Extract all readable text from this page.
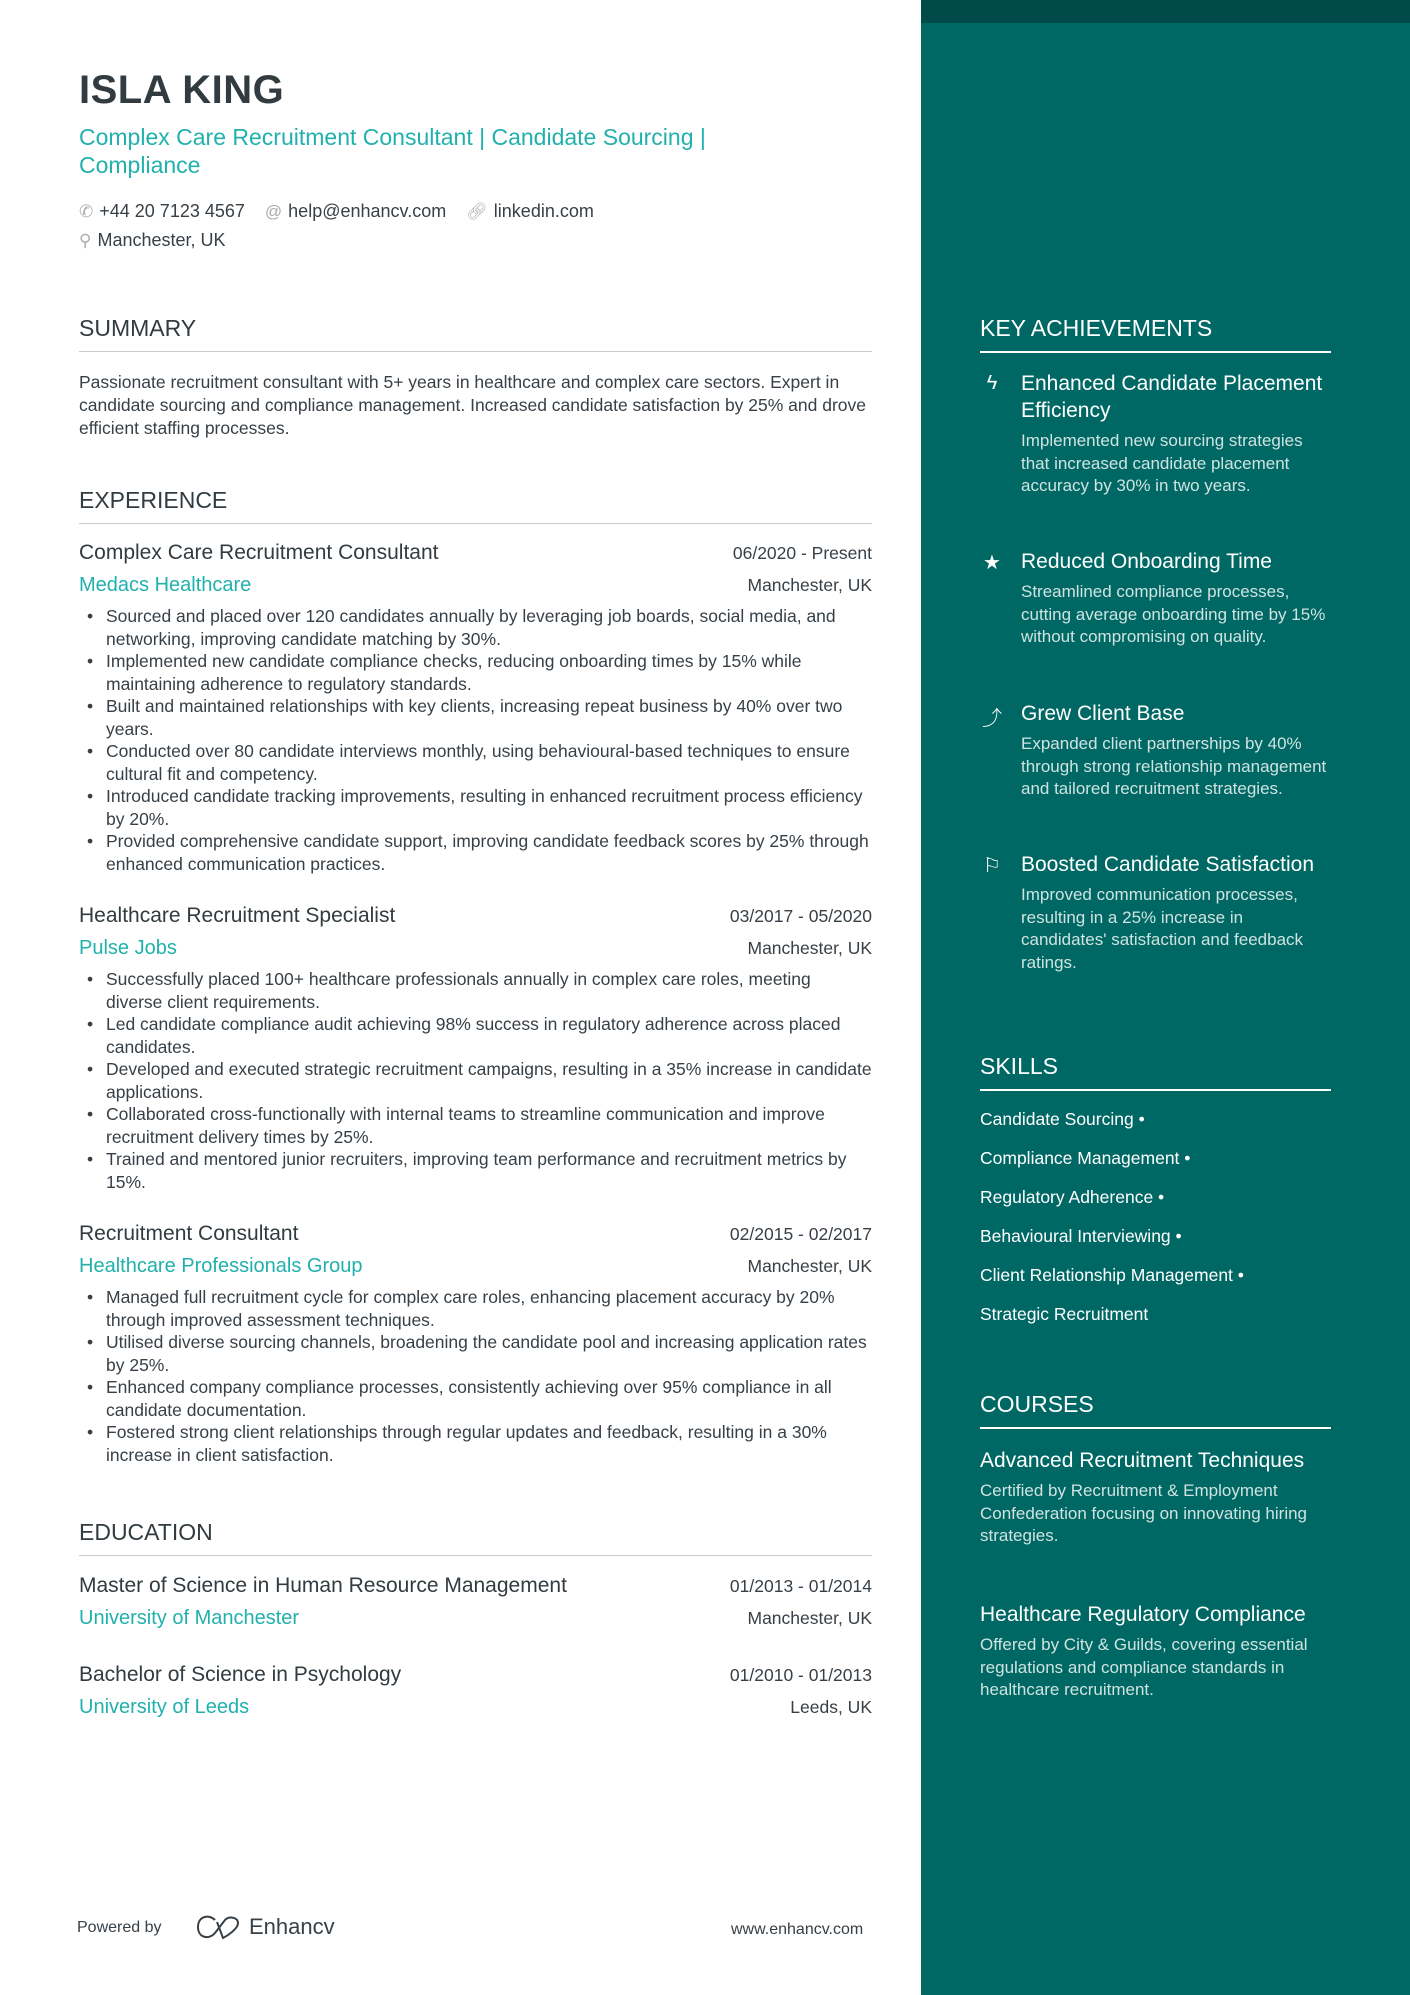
ISLA KING
Complex Care Recruitment Consultant | Candidate Sourcing | Compliance
✆ +44 20 7123 4567 @ help@enhancv.com 🔗︎ linkedin.com
⚲ Manchester, UK
SUMMARY
Passionate recruitment consultant with 5+ years in healthcare and complex care sectors. Expert in candidate sourcing and compliance management. Increased candidate satisfaction by 25% and drove efficient staffing processes.
EXPERIENCE
Complex Care Recruitment Consultant	06/2020 - Present
Medacs Healthcare	Manchester, UK
• Sourced and placed over 120 candidates annually by leveraging job boards, social media, and networking, improving candidate matching by 30%.
• Implemented new candidate compliance checks, reducing onboarding times by 15% while maintaining adherence to regulatory standards.
• Built and maintained relationships with key clients, increasing repeat business by 40% over two years.
• Conducted over 80 candidate interviews monthly, using behavioural-based techniques to ensure cultural fit and competency.
• Introduced candidate tracking improvements, resulting in enhanced recruitment process efficiency by 20%.
• Provided comprehensive candidate support, improving candidate feedback scores by 25% through enhanced communication practices.
Healthcare Recruitment Specialist	03/2017 - 05/2020
Pulse Jobs	Manchester, UK
• Successfully placed 100+ healthcare professionals annually in complex care roles, meeting diverse client requirements.
• Led candidate compliance audit achieving 98% success in regulatory adherence across placed candidates.
• Developed and executed strategic recruitment campaigns, resulting in a 35% increase in candidate applications.
• Collaborated cross-functionally with internal teams to streamline communication and improve recruitment delivery times by 25%.
• Trained and mentored junior recruiters, improving team performance and recruitment metrics by 15%.
Recruitment Consultant	02/2015 - 02/2017
Healthcare Professionals Group	Manchester, UK
• Managed full recruitment cycle for complex care roles, enhancing placement accuracy by 20% through improved assessment techniques.
• Utilised diverse sourcing channels, broadening the candidate pool and increasing application rates by 25%.
• Enhanced company compliance processes, consistently achieving over 95% compliance in all candidate documentation.
• Fostered strong client relationships through regular updates and feedback, resulting in a 30% increase in client satisfaction.
EDUCATION
Master of Science in Human Resource Management	01/2013 - 01/2014
University of Manchester	Manchester, UK
Bachelor of Science in Psychology	01/2010 - 01/2013
University of Leeds	Leeds, UK
Powered by	Enhancv	www.enhancv.com
KEY ACHIEVEMENTS
ϟ	Enhanced Candidate Placement Efficiency
Implemented new sourcing strategies that increased candidate placement accuracy by 30% in two years.
★ Reduced Onboarding Time
Streamlined compliance processes, cutting average onboarding time by 15% without compromising on quality.
⤴ Grew Client Base
Expanded client partnerships by 40% through strong relationship management and tailored recruitment strategies.
⚐ Boosted Candidate Satisfaction
Improved communication processes, resulting in a 25% increase in candidates' satisfaction and feedback ratings.
SKILLS
Candidate Sourcing •
Compliance Management •
Regulatory Adherence •
Behavioural Interviewing •
Client Relationship Management •
Strategic Recruitment
COURSES
Advanced Recruitment Techniques
Certified by Recruitment & Employment Confederation focusing on innovating hiring strategies.
Healthcare Regulatory Compliance
Offered by City & Guilds, covering essential regulations and compliance standards in healthcare recruitment.
